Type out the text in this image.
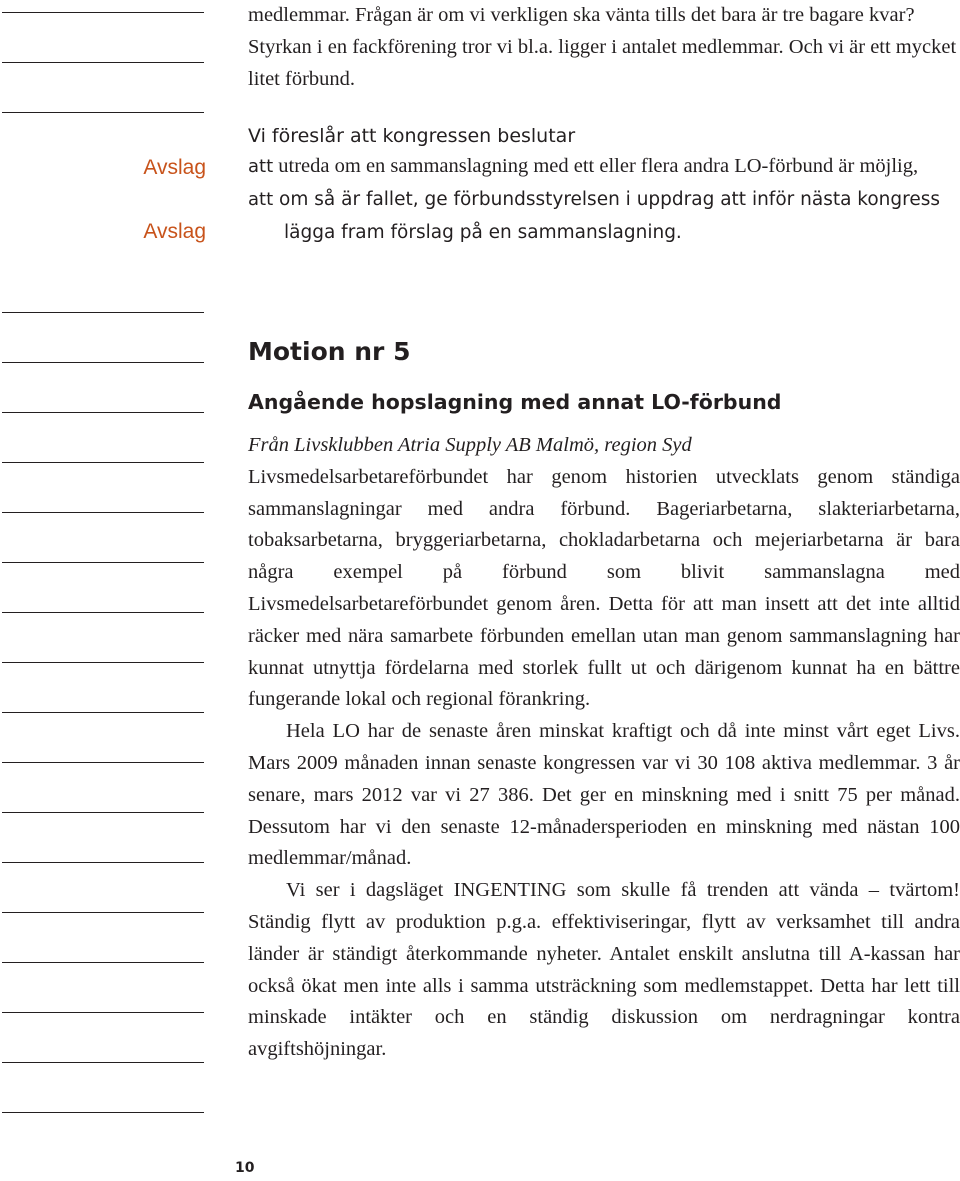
Avslag
Avslag

medlemmar. Frågan är om vi verkligen ska vänta tills det bara är tre bagare kvar? Styrkan i en fackförening tror vi bl.a. ligger i antalet medlemmar. Och vi är ett mycket litet förbund.

Vi föreslår att kongressen beslutar

att utreda om en sammanslagning med ett eller flera andra LO-förbund är möjlig,

att om så är fallet, ge förbundsstyrelsen i uppdrag att inför nästa kongress lägga fram förslag på en sammanslagning.

Motion nr 5
Angående hopslagning med annat LO-förbund

Från Livsklubben Atria Supply AB Malmö, region Syd

Livsmedelsarbetareförbundet har genom historien utvecklats genom ständiga sammanslagningar med andra förbund. Bageriarbetarna, slakteriarbetarna, tobaksarbetarna, bryggeriarbetarna, chokladarbetarna och mejeriarbetarna är bara några exempel på förbund som blivit sammanslagna med Livsmedelsarbetareförbundet genom åren. Detta för att man insett att det inte alltid räcker med nära samarbete förbunden emellan utan man genom sammanslagning har kunnat utnyttja fördelarna med storlek fullt ut och därigenom kunnat ha en bättre fungerande lokal och regional förankring.

Hela LO har de senaste åren minskat kraftigt och då inte minst vårt eget Livs. Mars 2009 månaden innan senaste kongressen var vi 30 108 aktiva medlemmar. 3 år senare, mars 2012 var vi 27 386. Det ger en minskning med i snitt 75 per månad. Dessutom har vi den senaste 12-månadersperioden en minskning med nästan 100 medlemmar/månad.

Vi ser i dagsläget INGENTING som skulle få trenden att vända – tvärtom! Ständig flytt av produktion p.g.a. effektiviseringar, flytt av verksamhet till andra länder är ständigt återkommande nyheter. Antalet enskilt anslutna till A-kassan har också ökat men inte alls i samma utsträckning som medlemstappet. Detta har lett till minskade intäkter och en ständig diskussion om nerdragningar kontra avgiftshöjningar.

10
